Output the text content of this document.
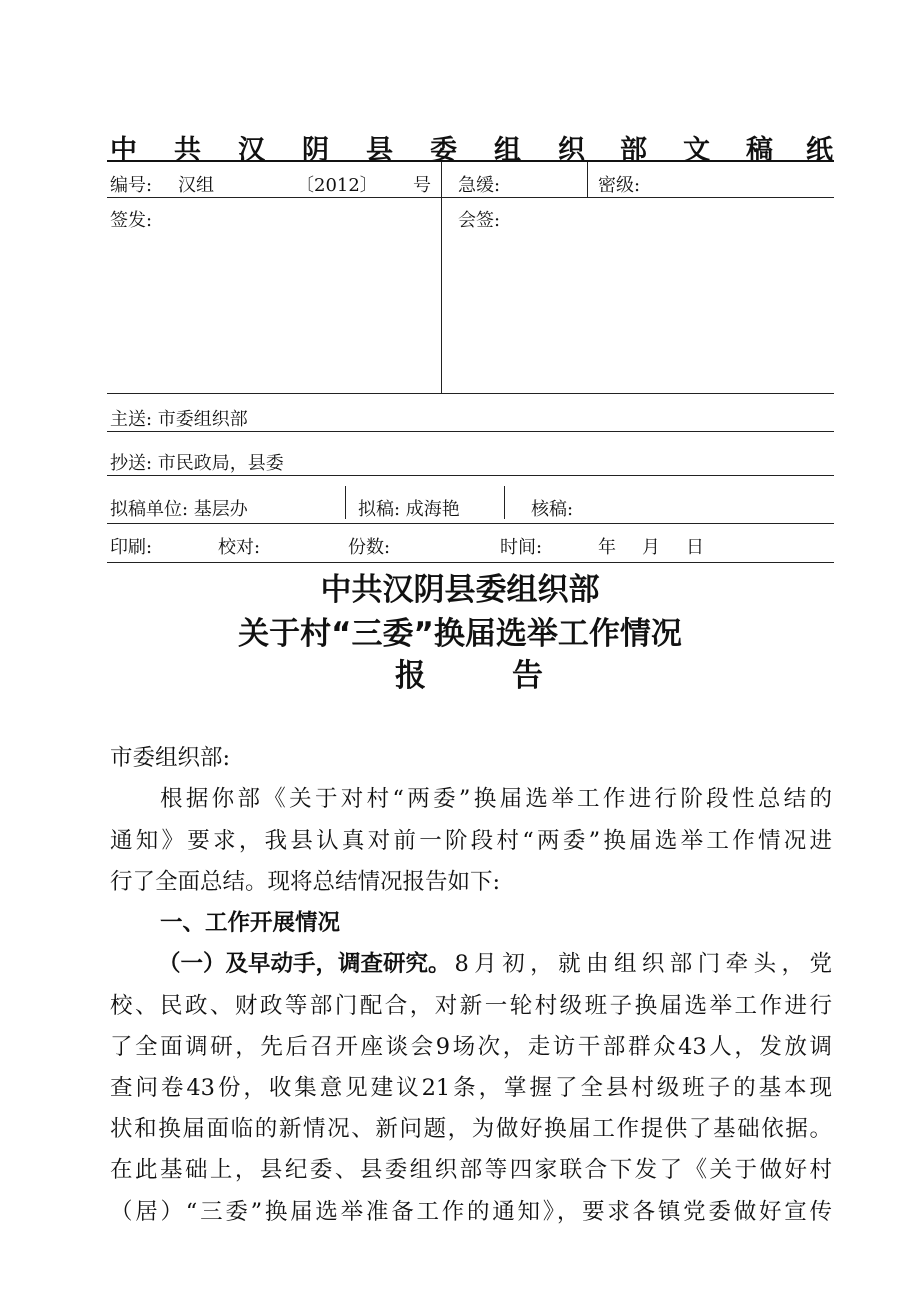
中 共 汉 阴 县 委 组 织 部 文 稿 纸
编号: 汉组	〔2012〕 号 急缓:	密级:
签发:	会签:
主送: 市委组织部
抄送: 市民政局，县委
拟稿单位: 基层办	拟稿: 成海艳	核稿:
印刷:	校对:	份数:	时间:	年 月 日
中共汉阴县委组织部
关于村“三委”换届选举工作情况
报	告
市委组织部:
根据你部《关于对村“两委”换届选举工作进行阶段性总结的
通知》要求，我县认真对前一阶段村“两委”换届选举工作情况进
行了全面总结。现将总结情况报告如下:
一、工作开展情况
（一）及早动手，调查研究。 8月初，就由组织部门牵头，党
校、民政、财政等部门配合，对新一轮村级班子换届选举工作进行
了全面调研，先后召开座谈会9场次，走访干部群众43人，发放调
查问卷43份，收集意见建议21条，掌握了全县村级班子的基本现
状和换届面临的新情况、新问题，为做好换届工作提供了基础依据。
在此基础上，县纪委、县委组织部等四家联合下发了《关于做好村
（居）“三委”换届选举准备工作的通知》，要求各镇党委做好宣传
